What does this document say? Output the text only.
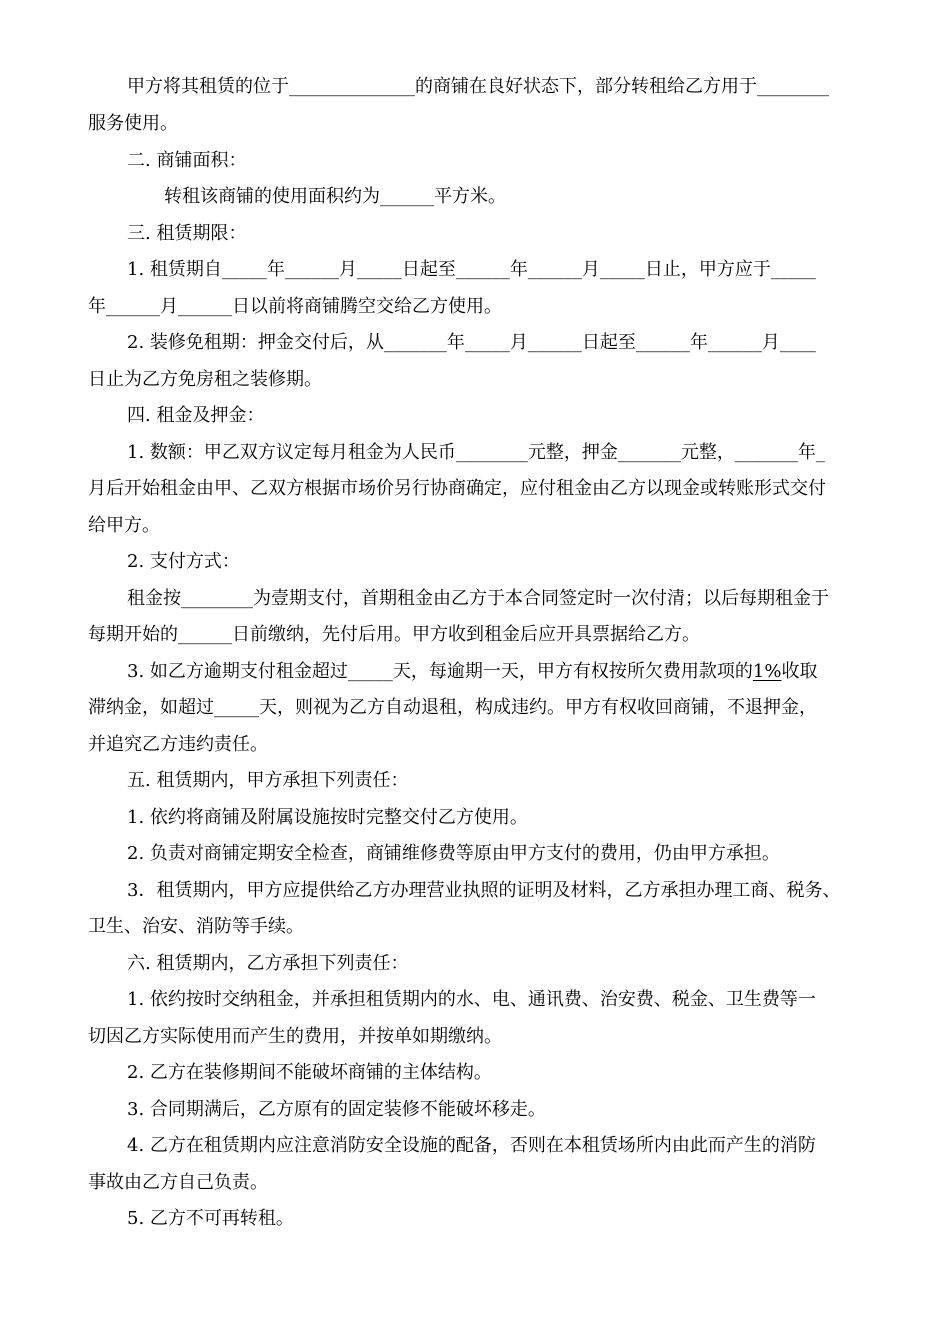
甲方将其租赁的位于______________的商铺在良好状态下，部分转租给乙方用于________
服务使用。
二. 商铺面积：
转租该商铺的使用面积约为______平方米。
三. 租赁期限：
1. 租赁期自_____年______月_____日起至______年______月_____日止，甲方应于_____
年______月______日以前将商铺腾空交给乙方使用。
2. 装修免租期：押金交付后，从_______年_____月______日起至______年______月____
日止为乙方免房租之装修期。
四. 租金及押金：
1. 数额：甲乙双方议定每月租金为人民币________元整，押金_______元整，_______年_
月后开始租金由甲、乙双方根据市场价另行协商确定，应付租金由乙方以现金或转账形式交付
给甲方。
2. 支付方式：
租金按________为壹期支付，首期租金由乙方于本合同签定时一次付清；以后每期租金于
每期开始的______日前缴纳，先付后用。甲方收到租金后应开具票据给乙方。
3. 如乙方逾期支付租金超过_____天，每逾期一天，甲方有权按所欠费用款项的1%收取
滞纳金，如超过_____天，则视为乙方自动退租，构成违约。甲方有权收回商铺，不退押金，
并追究乙方违约责任。
五. 租赁期内，甲方承担下列责任：
1. 依约将商铺及附属设施按时完整交付乙方使用。
2. 负责对商铺定期安全检查，商铺维修费等原由甲方支付的费用，仍由甲方承担。
3．租赁期内，甲方应提供给乙方办理营业执照的证明及材料，乙方承担办理工商、税务、
卫生、治安、消防等手续。
六. 租赁期内，乙方承担下列责任：
1. 依约按时交纳租金，并承担租赁期内的水、电、通讯费、治安费、税金、卫生费等一
切因乙方实际使用而产生的费用，并按单如期缴纳。
2. 乙方在装修期间不能破坏商铺的主体结构。
3. 合同期满后，乙方原有的固定装修不能破坏移走。
4. 乙方在租赁期内应注意消防安全设施的配备，否则在本租赁场所内由此而产生的消防
事故由乙方自己负责。
5. 乙方不可再转租。
